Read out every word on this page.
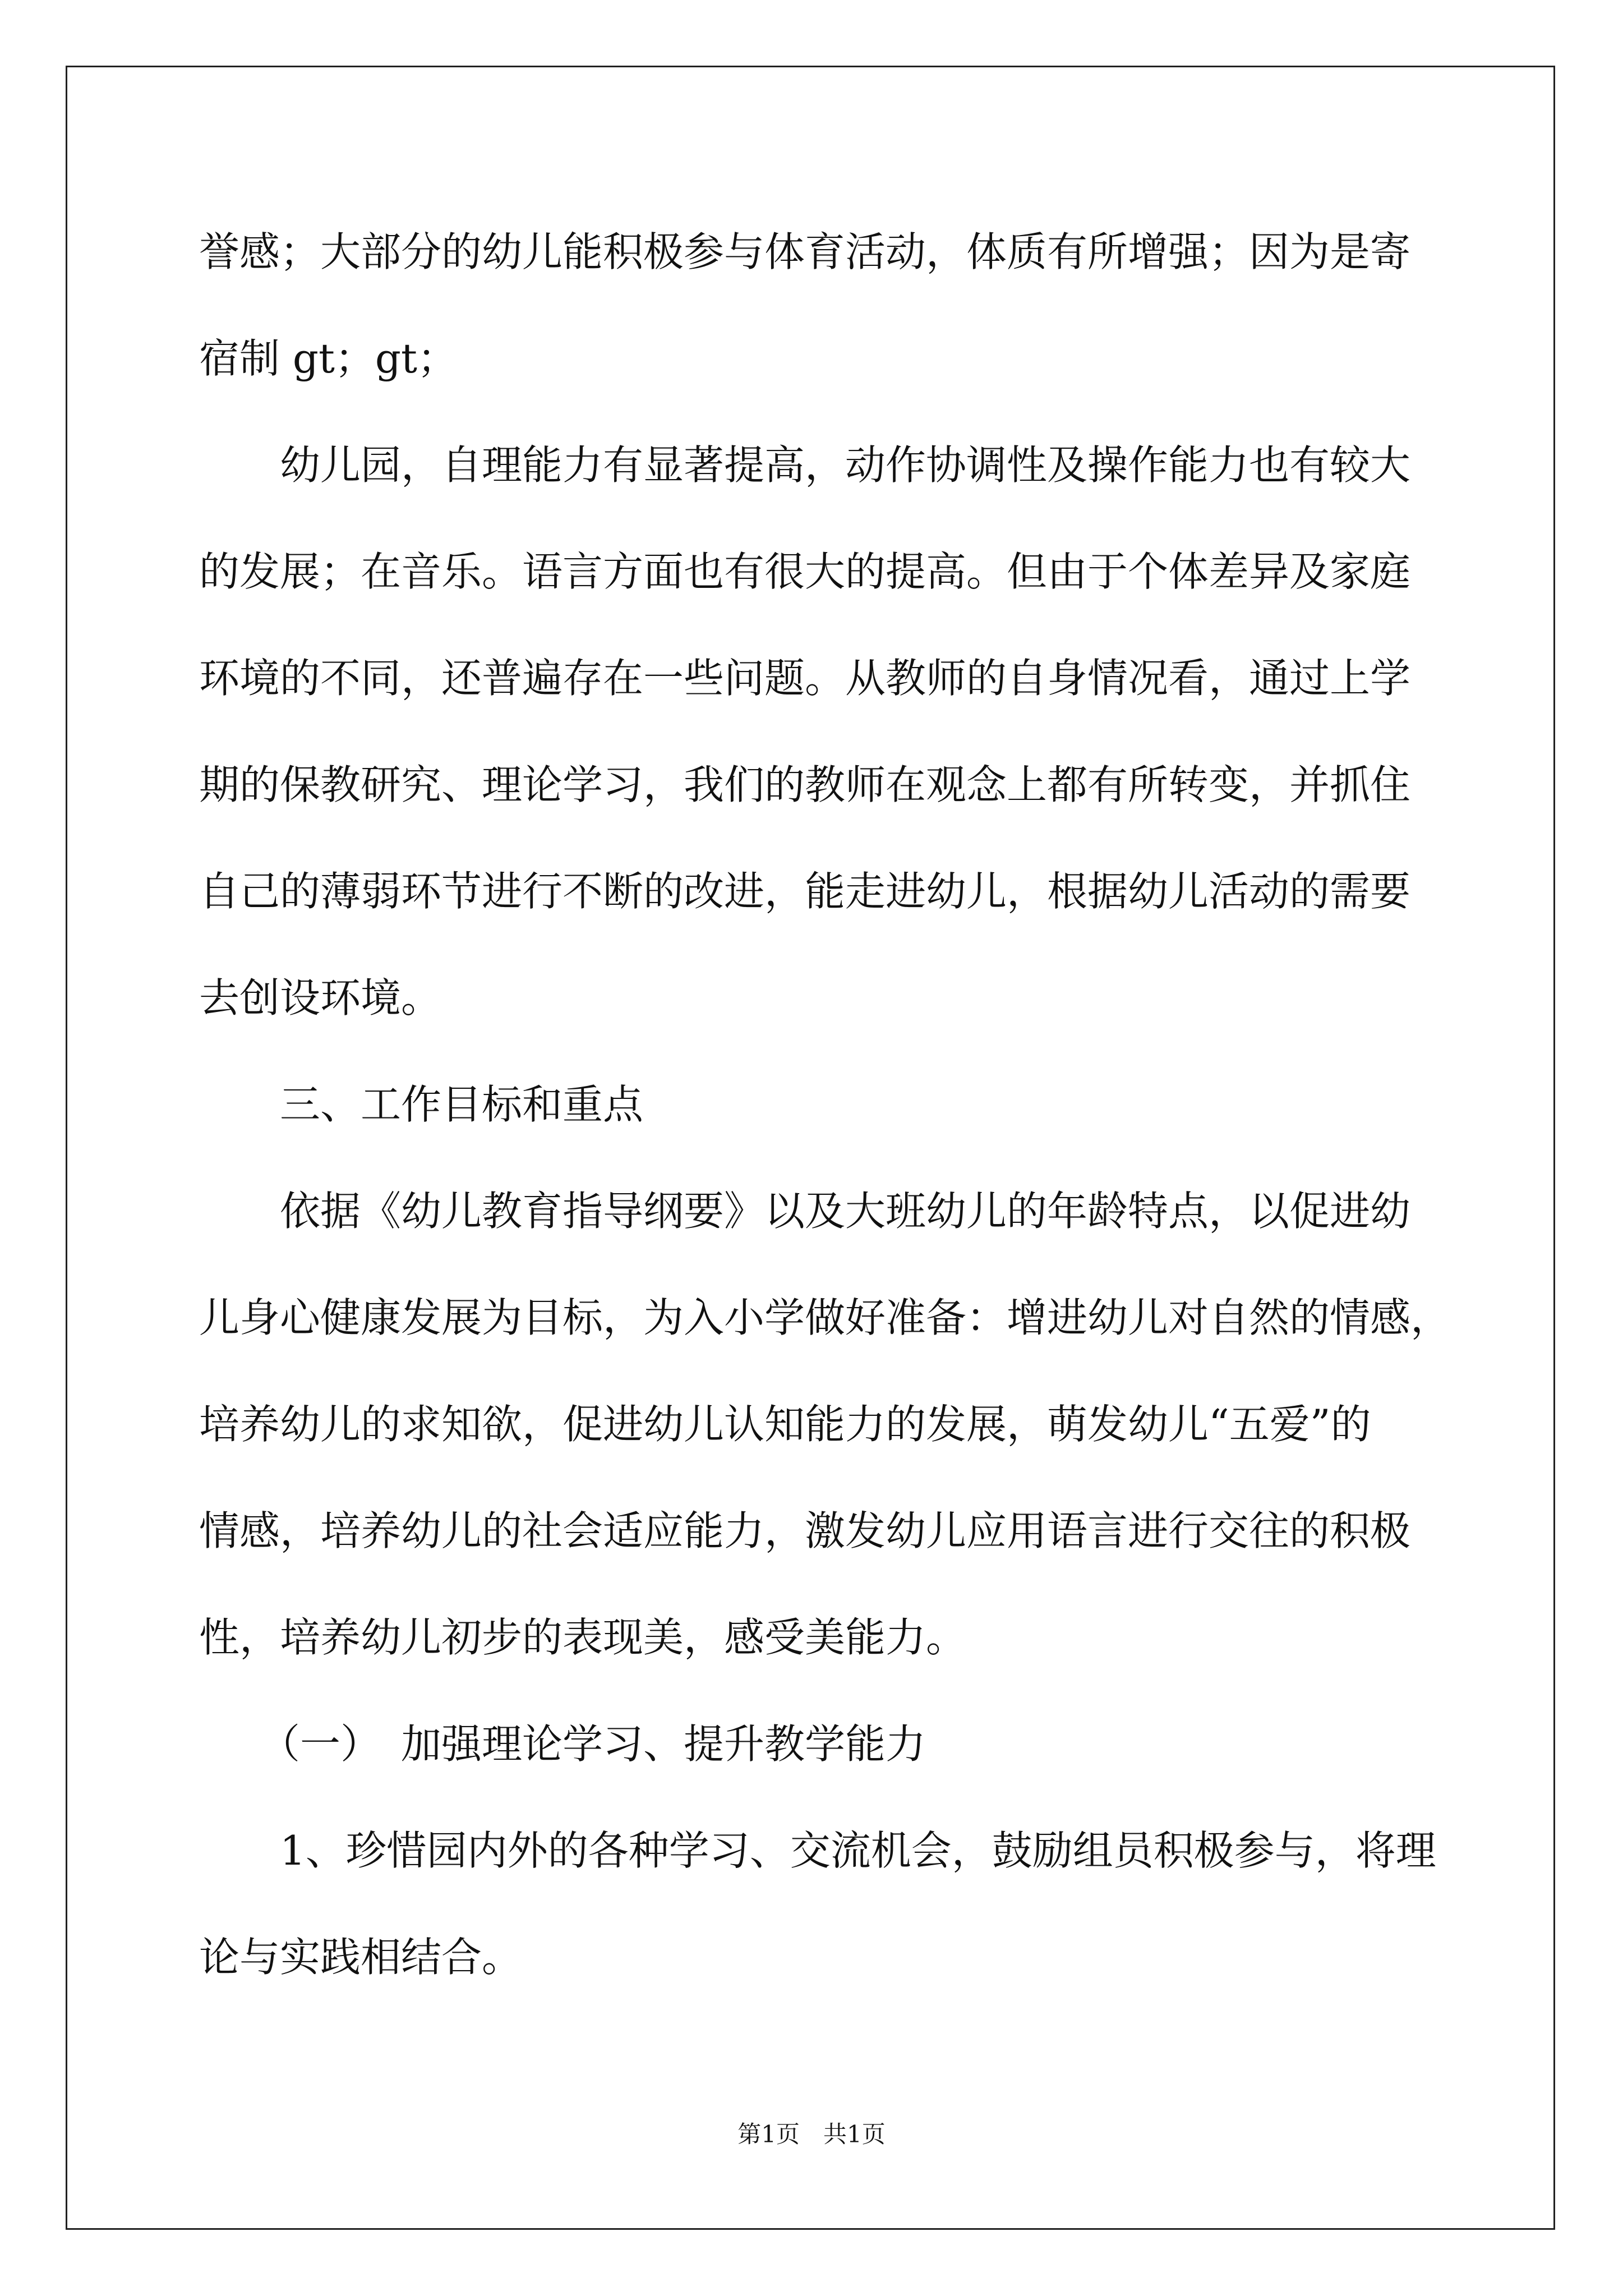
誉感；大部分的幼儿能积极参与体育活动，体质有所增强；因为是寄
宿制 gt；gt；
　　幼儿园，自理能力有显著提高，动作协调性及操作能力也有较大
的发展；在音乐。语言方面也有很大的提高。但由于个体差异及家庭
环境的不同，还普遍存在一些问题。从教师的自身情况看，通过上学
期的保教研究、理论学习，我们的教师在观念上都有所转变，并抓住
自己的薄弱环节进行不断的改进，能走进幼儿，根据幼儿活动的需要
去创设环境。
　　三、工作目标和重点
　　依据《幼儿教育指导纲要》以及大班幼儿的年龄特点，以促进幼
儿身心健康发展为目标，为入小学做好准备：增进幼儿对自然的情感，
培养幼儿的求知欲，促进幼儿认知能力的发展，萌发幼儿“五爱”的
情感，培养幼儿的社会适应能力，激发幼儿应用语言进行交往的积极
性，培养幼儿初步的表现美，感受美能力。
　　（一）　加强理论学习、提升教学能力
　　1、珍惜园内外的各种学习、交流机会，鼓励组员积极参与，将理
论与实践相结合。
第1页　共1页
